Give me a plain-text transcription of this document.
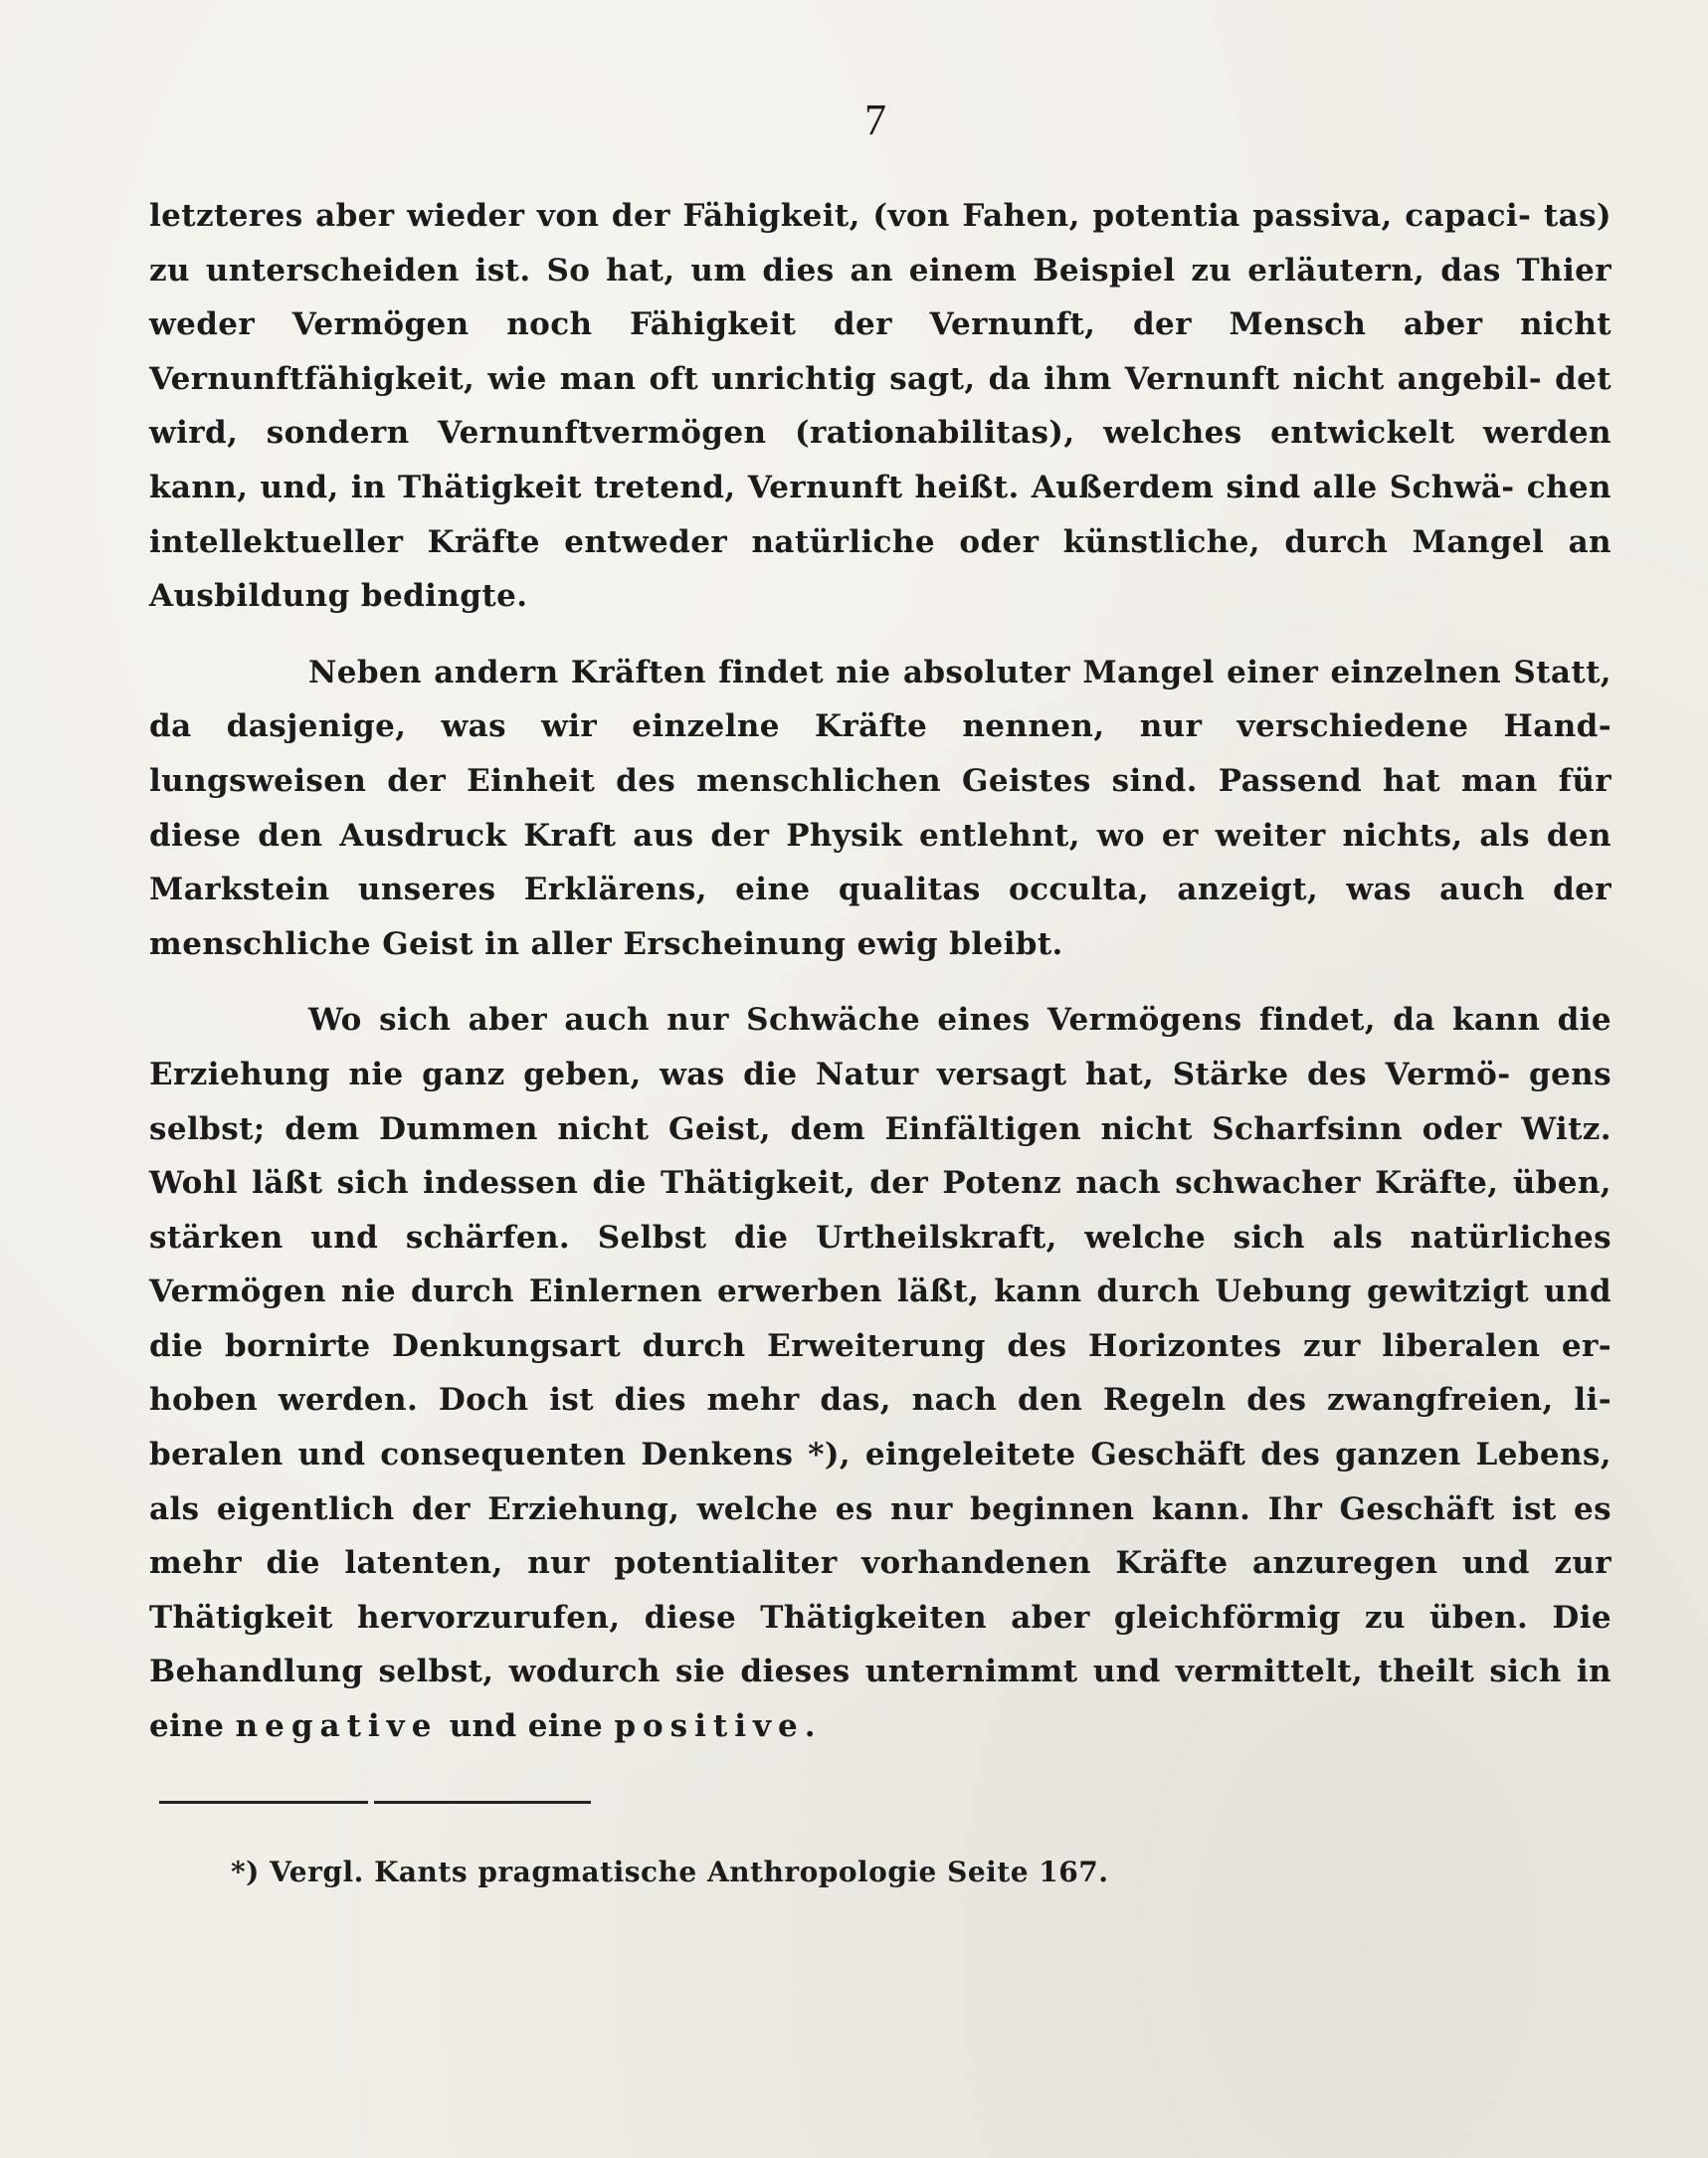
7

letzteres aber wieder von der Fähigkeit, (von Fahen, potentia passiva, capaci- tas) zu unterscheiden ist. So hat, um dies an einem Beispiel zu erläutern, das Thier weder Vermögen noch Fähigkeit der Vernunft, der Mensch aber nicht Vernunftfähigkeit, wie man oft unrichtig sagt, da ihm Vernunft nicht angebil- det wird, sondern Vernunftvermögen (rationabilitas), welches entwickelt werden kann, und, in Thätigkeit tretend, Vernunft heißt. Außerdem sind alle Schwä- chen intellektueller Kräfte entweder natürliche oder künstliche, durch Mangel an Ausbildung bedingte.

Neben andern Kräften findet nie absoluter Mangel einer einzelnen Statt, da dasjenige, was wir einzelne Kräfte nennen, nur verschiedene Hand- lungsweisen der Einheit des menschlichen Geistes sind. Passend hat man für diese den Ausdruck Kraft aus der Physik entlehnt, wo er weiter nichts, als den Markstein unseres Erklärens, eine qualitas occulta, anzeigt, was auch der menschliche Geist in aller Erscheinung ewig bleibt.

Wo sich aber auch nur Schwäche eines Vermögens findet, da kann die Erziehung nie ganz geben, was die Natur versagt hat, Stärke des Vermö- gens selbst; dem Dummen nicht Geist, dem Einfältigen nicht Scharfsinn oder Witz. Wohl läßt sich indessen die Thätigkeit, der Potenz nach schwacher Kräfte, üben, stärken und schärfen. Selbst die Urtheilskraft, welche sich als natürliches Vermögen nie durch Einlernen erwerben läßt, kann durch Uebung gewitzigt und die bornirte Denkungsart durch Erweiterung des Horizontes zur liberalen er- hoben werden. Doch ist dies mehr das, nach den Regeln des zwangfreien, li- beralen und consequenten Denkens *), eingeleitete Geschäft des ganzen Lebens, als eigentlich der Erziehung, welche es nur beginnen kann. Ihr Geschäft ist es mehr die latenten, nur potentialiter vorhandenen Kräfte anzuregen und zur Thätigkeit hervorzurufen, diese Thätigkeiten aber gleichförmig zu üben. Die Behandlung selbst, wodurch sie dieses unternimmt und vermittelt, theilt sich in eine negative und eine positive.

*) Vergl. Kants pragmatische Anthropologie Seite 167.
